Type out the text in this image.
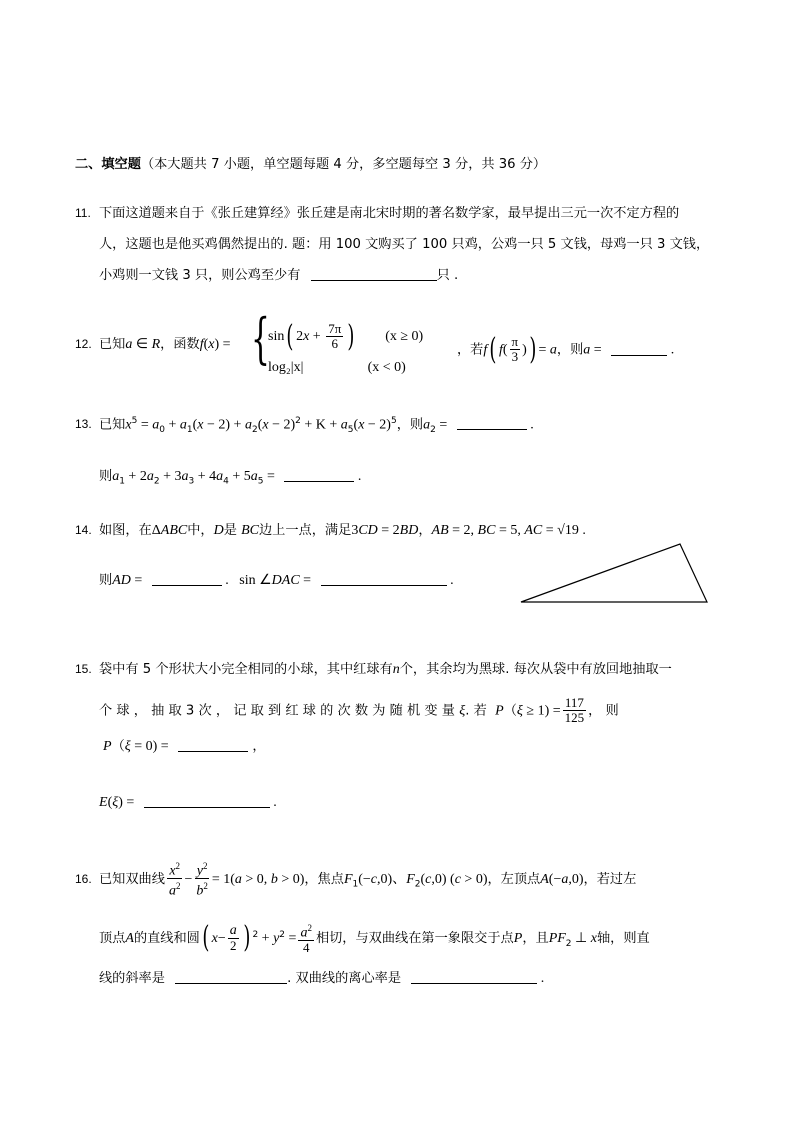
二、填空题（本大题共 7 小题，单空题每题 4 分，多空题每空 3 分，共 36 分）
11. 下面这道题来自于《张丘建算经》张丘建是南北宋时期的著名数学家，最早提出三元一次不定方程的
人，这题也是他买鸡偶然提出的. 题：用 100 文购买了 100 只鸡，公鸡一只 5 文钱，母鸡一只 3 文钱，
小鸡则一文钱 3 只，则公鸡至少有	只 .
12. 已知a ∈ R，函数f(x) = {
sin( $2x + \frac{7\pi}{6}$ ) (x ≥ 0)
log₂|x|	(x < 0)
，若f( $f( \frac{\pi}{3}$ )) = a，则a =	.
13. 已知$x^5 = a_0 + a_1(x - 2) + a_2(x - 2)^2 + K + a_5(x - 2)^5$，则$a_2$ =	.
则$a_1 + 2a_2 + 3a_3 + 4a_4 + 5a_5$ =	.
14. 如图，在ΔABC中，D是 BC边上一点，满足3CD = 2BD，AB = 2, BC = 5, AC = √19 .
则AD =	.   sin ∠DAC =	.
15. 袋中有 5 个形状大小完全相同的小球，其中红球有n个，其余均为黑球. 每次从袋中有放回地抽取一
个 球 ， 抽 取 3 次 ， 记 取 到 红 球 的 次 数 为 随 机 变 量 ξ. 若 $P(\xi \ge 1) = \frac{117}{125}$ ， 则
P（ξ = 0) =	，
E(ξ) =	.
16. 已知双曲线 $\frac{x^2}{a^2} - \frac{y^2}{b^2} = 1(a > 0$, b > 0)，焦点$F_1(-c,0)$、$F_2(c,0) (c > 0)$，左顶点A(−a,0)，若过左
顶点A的直线和圆( $x- \frac{a}{2}$ ) $^2 + y^2 = \frac{a^2}{4}$ 相切，与双曲线在第一象限交于点P，且$PF_2$ ⊥ x轴，则直
线的斜率是	. 双曲线的离心率是	.
